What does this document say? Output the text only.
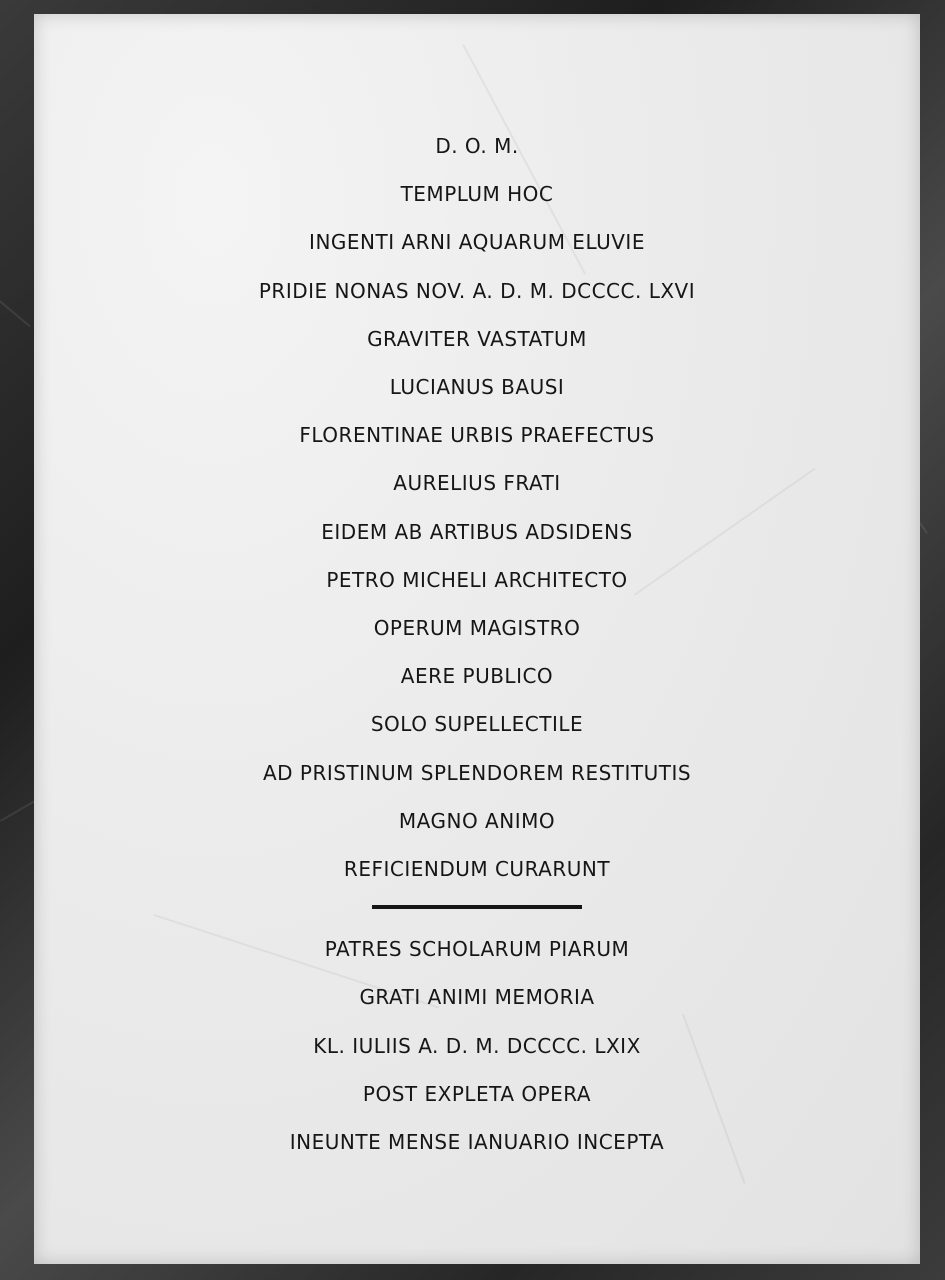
D. O. M.
TEMPLUM HOC
INGENTI ARNI AQUARUM ELUVIE
PRIDIE NONAS NOV. A. D. M. DCCCC. LXVI
GRAVITER VASTATUM
LUCIANUS BAUSI
FLORENTINAE URBIS PRAEFECTUS
AURELIUS FRATI
EIDEM AB ARTIBUS ADSIDENS
PETRO MICHELI ARCHITECTO
OPERUM MAGISTRO
AERE PUBLICO
SOLO SUPELLECTILE
AD PRISTINUM SPLENDOREM RESTITUTIS
MAGNO ANIMO
REFICIENDUM CURARUNT
PATRES SCHOLARUM PIARUM
GRATI ANIMI MEMORIA
KL. IULIIS A. D. M. DCCCC. LXIX
POST EXPLETA OPERA
INEUNTE MENSE IANUARIO INCEPTA
